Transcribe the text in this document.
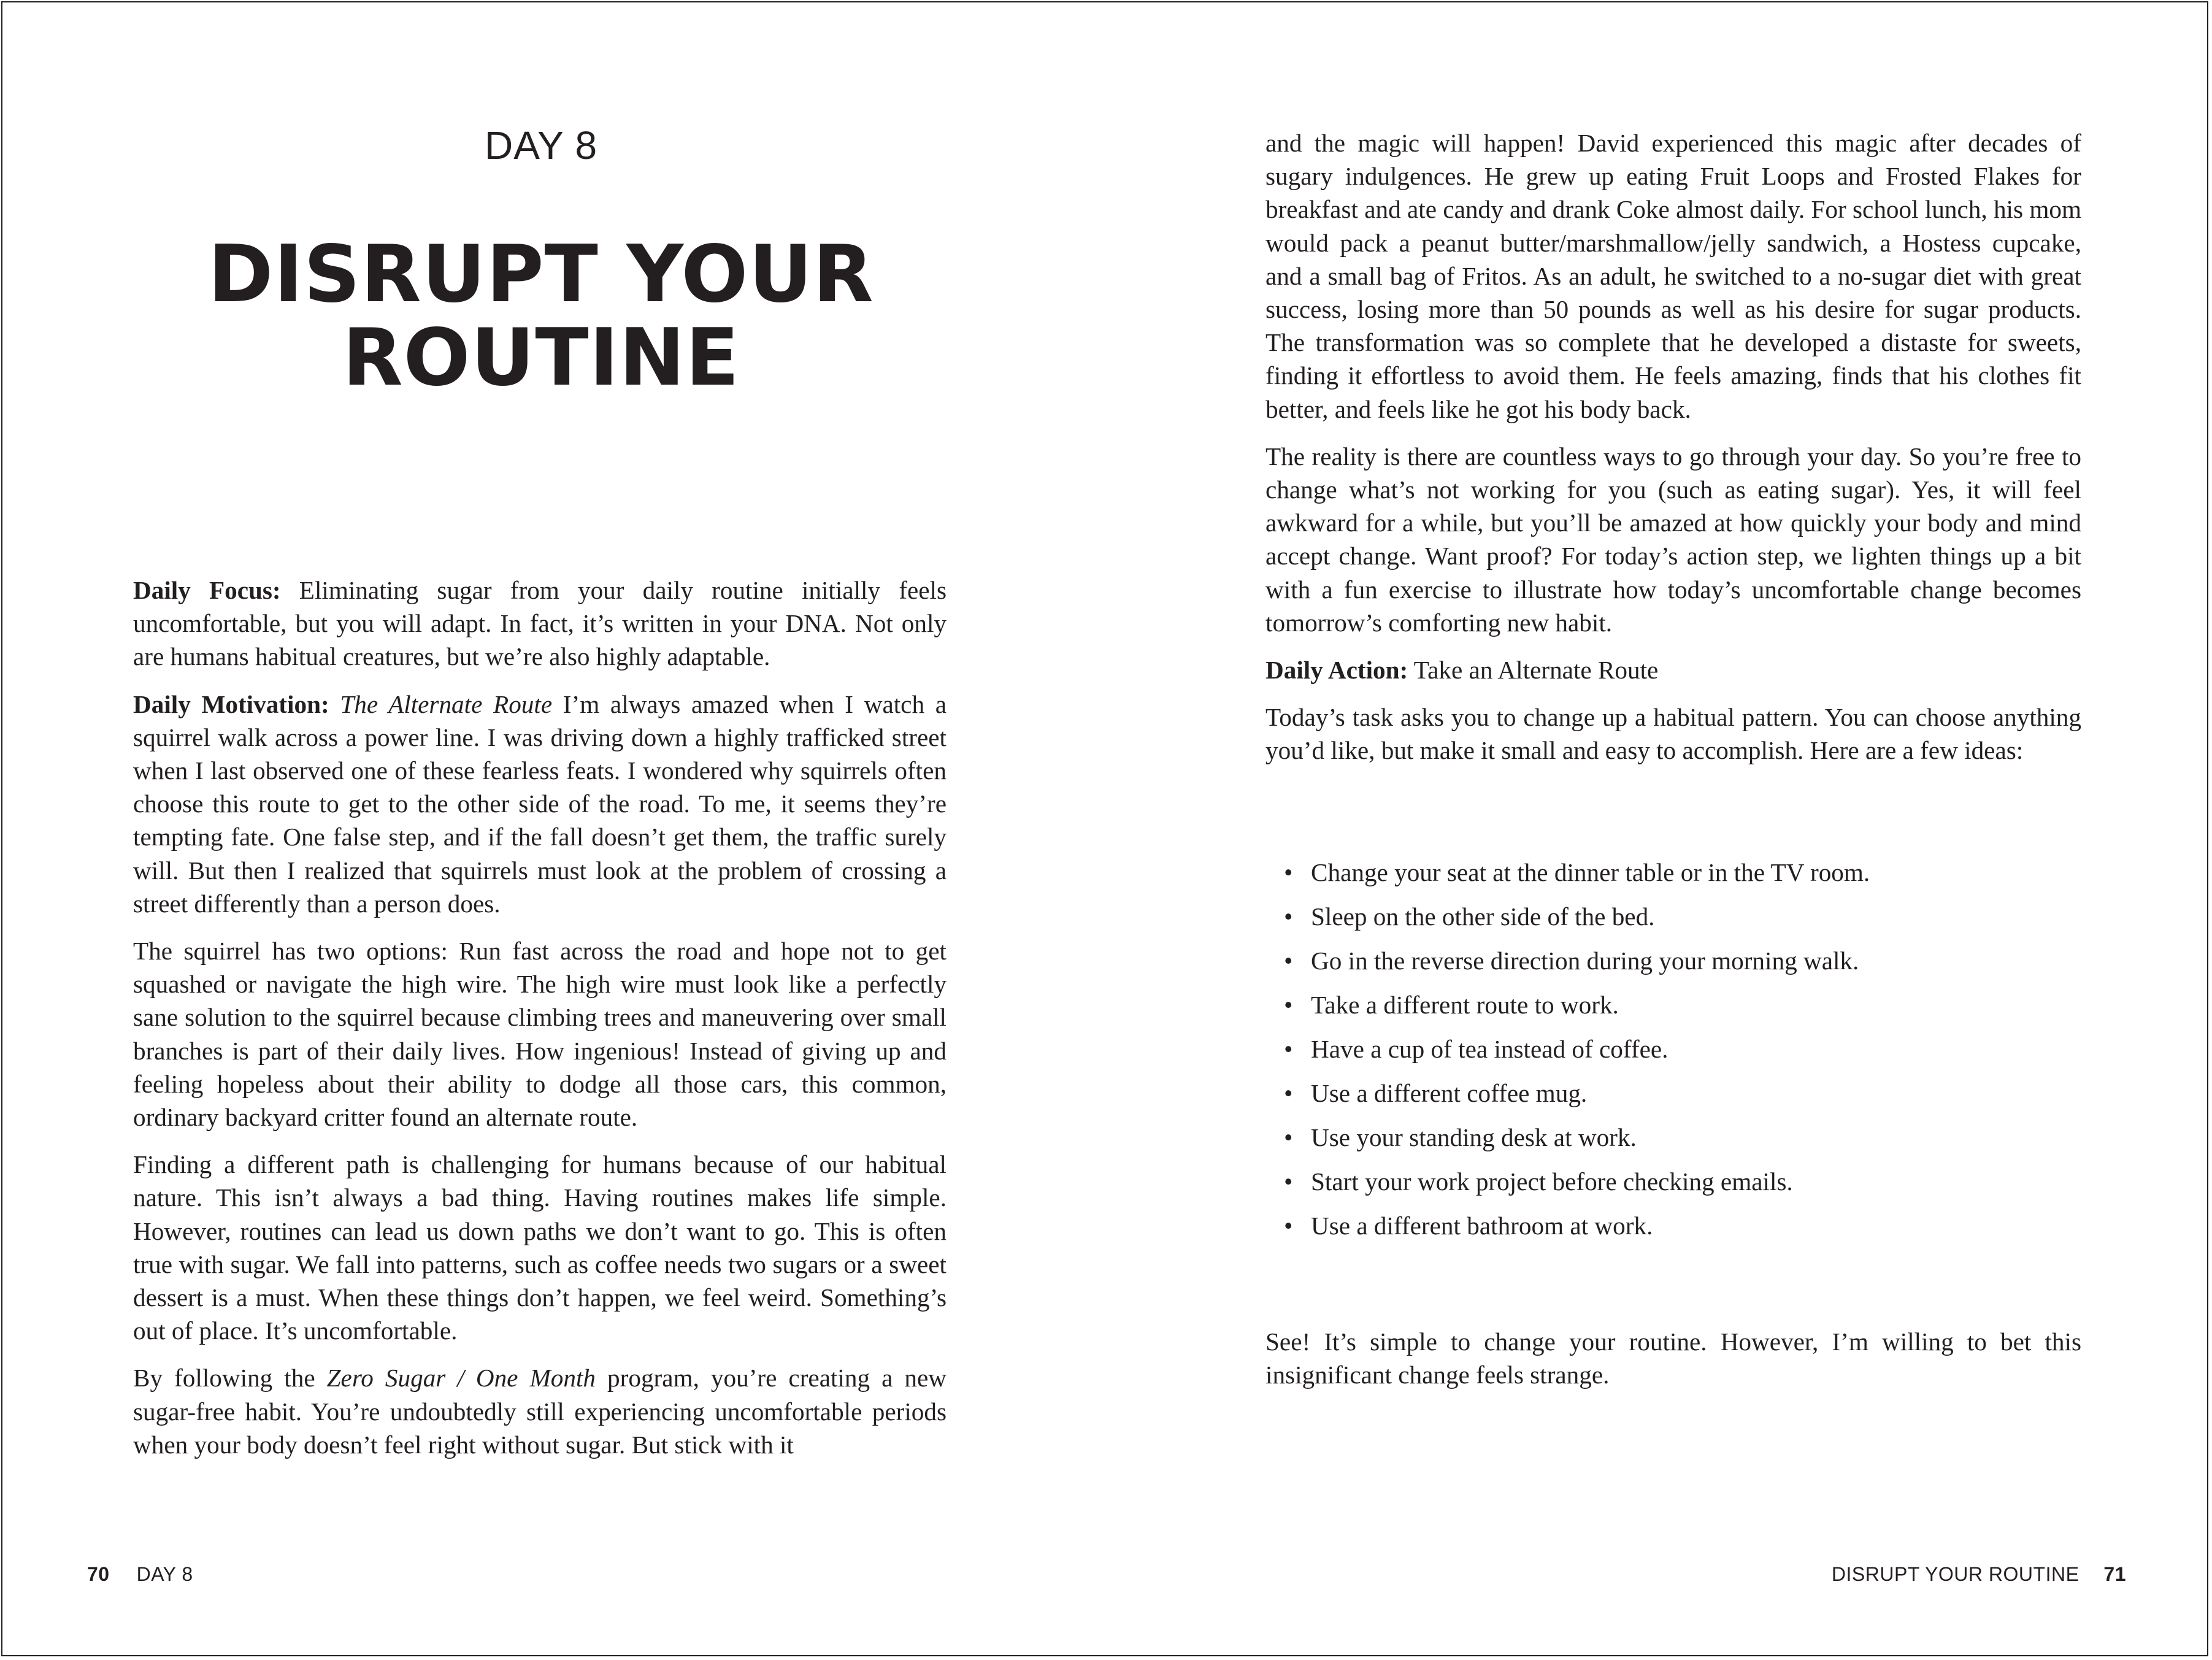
DAY 8
DISRUPT YOUR
ROUTINE

Daily Focus: Eliminating sugar from your daily routine initially feels uncomfortable, but you will adapt. In fact, it’s written in your DNA. Not only are humans habitual creatures, but we’re also highly adaptable.

Daily Motivation: The Alternate Route I’m always amazed when I watch a squirrel walk across a power line. I was driving down a highly trafficked street when I last observed one of these fearless feats. I wondered why squirrels often choose this route to get to the other side of the road. To me, it seems they’re tempting fate. One false step, and if the fall doesn’t get them, the traffic surely will. But then I realized that squirrels must look at the problem of crossing a street differently than a person does.

The squirrel has two options: Run fast across the road and hope not to get squashed or navigate the high wire. The high wire must look like a perfectly sane solution to the squirrel because climbing trees and maneuvering over small branches is part of their daily lives. How ingenious! Instead of giving up and feeling hopeless about their ability to dodge all those cars, this common, ordinary backyard critter found an alternate route.

Finding a different path is challenging for humans because of our habitual nature. This isn’t always a bad thing. Having routines makes life simple. However, routines can lead us down paths we don’t want to go. This is often true with sugar. We fall into patterns, such as coffee needs two sugars or a sweet dessert is a must. When these things don’t happen, we feel weird. Something’s out of place. It’s uncomfortable.

By following the Zero Sugar / One Month program, you’re creating a new sugar-free habit. You’re undoubtedly still experiencing uncomfortable periods when your body doesn’t feel right without sugar. But stick with it

70 DAY 8

and the magic will happen! David experienced this magic after decades of sugary indulgences. He grew up eating Fruit Loops and Frosted Flakes for breakfast and ate candy and drank Coke almost daily. For school lunch, his mom would pack a peanut butter/marshmallow/jelly sandwich, a Hostess cupcake, and a small bag of Fritos. As an adult, he switched to a no-sugar diet with great success, losing more than 50 pounds as well as his desire for sugar products. The transformation was so complete that he developed a distaste for sweets, finding it effortless to avoid them. He feels amazing, finds that his clothes fit better, and feels like he got his body back.

The reality is there are countless ways to go through your day. So you’re free to change what’s not working for you (such as eating sugar). Yes, it will feel awkward for a while, but you’ll be amazed at how quickly your body and mind accept change. Want proof? For today’s action step, we lighten things up a bit with a fun exercise to illustrate how today’s uncomfortable change becomes tomorrow’s comforting new habit.

Daily Action: Take an Alternate Route

Today’s task asks you to change up a habitual pattern. You can choose anything you’d like, but make it small and easy to accomplish. Here are a few ideas:

• Change your seat at the dinner table or in the TV room.
• Sleep on the other side of the bed.
• Go in the reverse direction during your morning walk.
• Take a different route to work.
• Have a cup of tea instead of coffee.
• Use a different coffee mug.
• Use your standing desk at work.
• Start your work project before checking emails.
• Use a different bathroom at work.

See! It’s simple to change your routine. However, I’m willing to bet this insignificant change feels strange.

DISRUPT YOUR ROUTINE 71
